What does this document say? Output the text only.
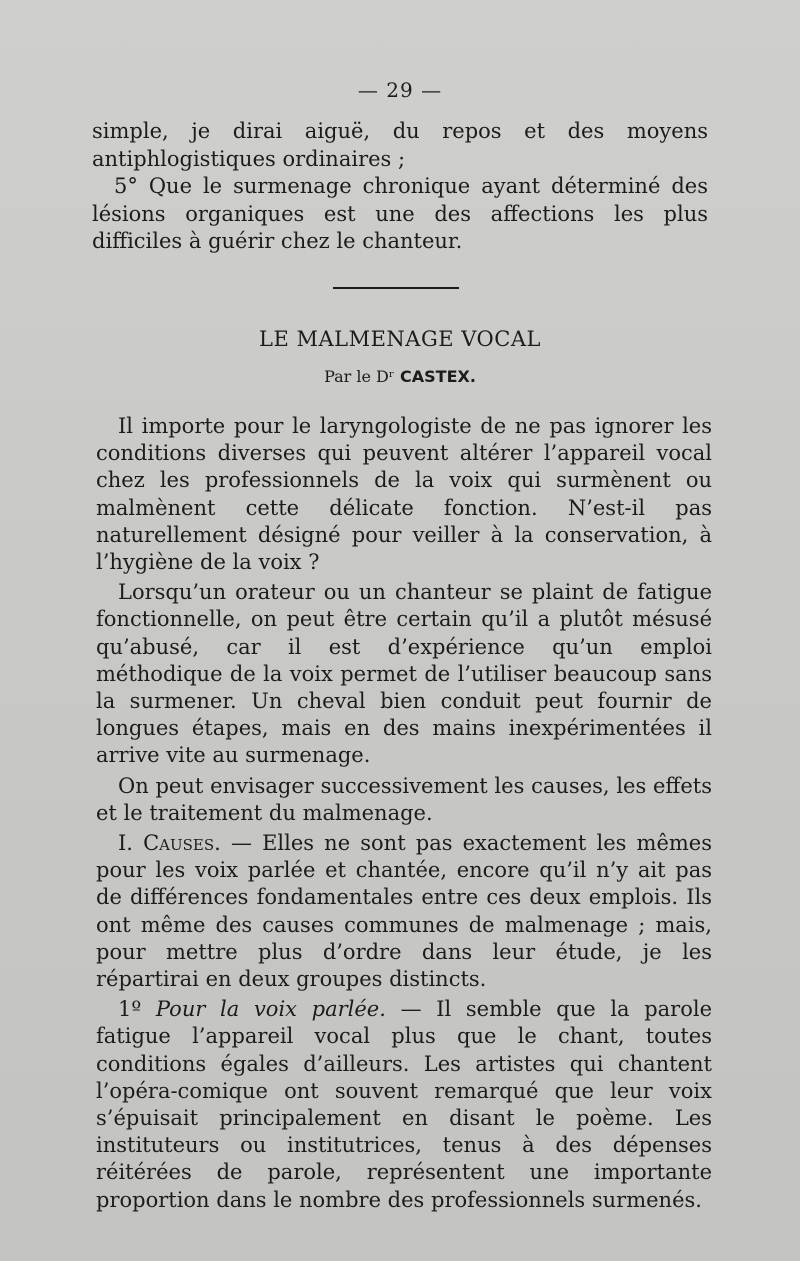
— 29 —

simple, je dirai aiguë, du repos et des moyens antiphlogistiques ordinaires ;

5° Que le surmenage chronique ayant déterminé des lésions organiques est une des affections les plus difficiles à guérir chez le chanteur.

LE MALMENAGE VOCAL
Par le Dʳ CASTEX.

Il importe pour le laryngologiste de ne pas ignorer les conditions diverses qui peuvent altérer l’appareil vocal chez les professionnels de la voix qui surmènent ou malmènent cette délicate fonction. N’est-il pas naturellement désigné pour veiller à la conservation, à l’hygiène de la voix ?

Lorsqu’un orateur ou un chanteur se plaint de fatigue fonctionnelle, on peut être certain qu’il a plutôt mésusé qu’abusé, car il est d’expérience qu’un emploi méthodique de la voix permet de l’utiliser beaucoup sans la surmener. Un cheval bien conduit peut fournir de longues étapes, mais en des mains inexpérimentées il arrive vite au surmenage.

On peut envisager successivement les causes, les effets et le traitement du malmenage.

I. Causes. — Elles ne sont pas exactement les mêmes pour les voix parlée et chantée, encore qu’il n’y ait pas de différences fondamentales entre ces deux emplois. Ils ont même des causes communes de malmenage ; mais, pour mettre plus d’ordre dans leur étude, je les répartirai en deux groupes distincts.

1º Pour la voix parlée. — Il semble que la parole fatigue l’appareil vocal plus que le chant, toutes conditions égales d’ailleurs. Les artistes qui chantent l’opéra-comique ont souvent remarqué que leur voix s’épuisait principalement en disant le poème. Les instituteurs ou institutrices, tenus à des dépenses réitérées de parole, représentent une importante proportion dans le nombre des professionnels surmenés.
